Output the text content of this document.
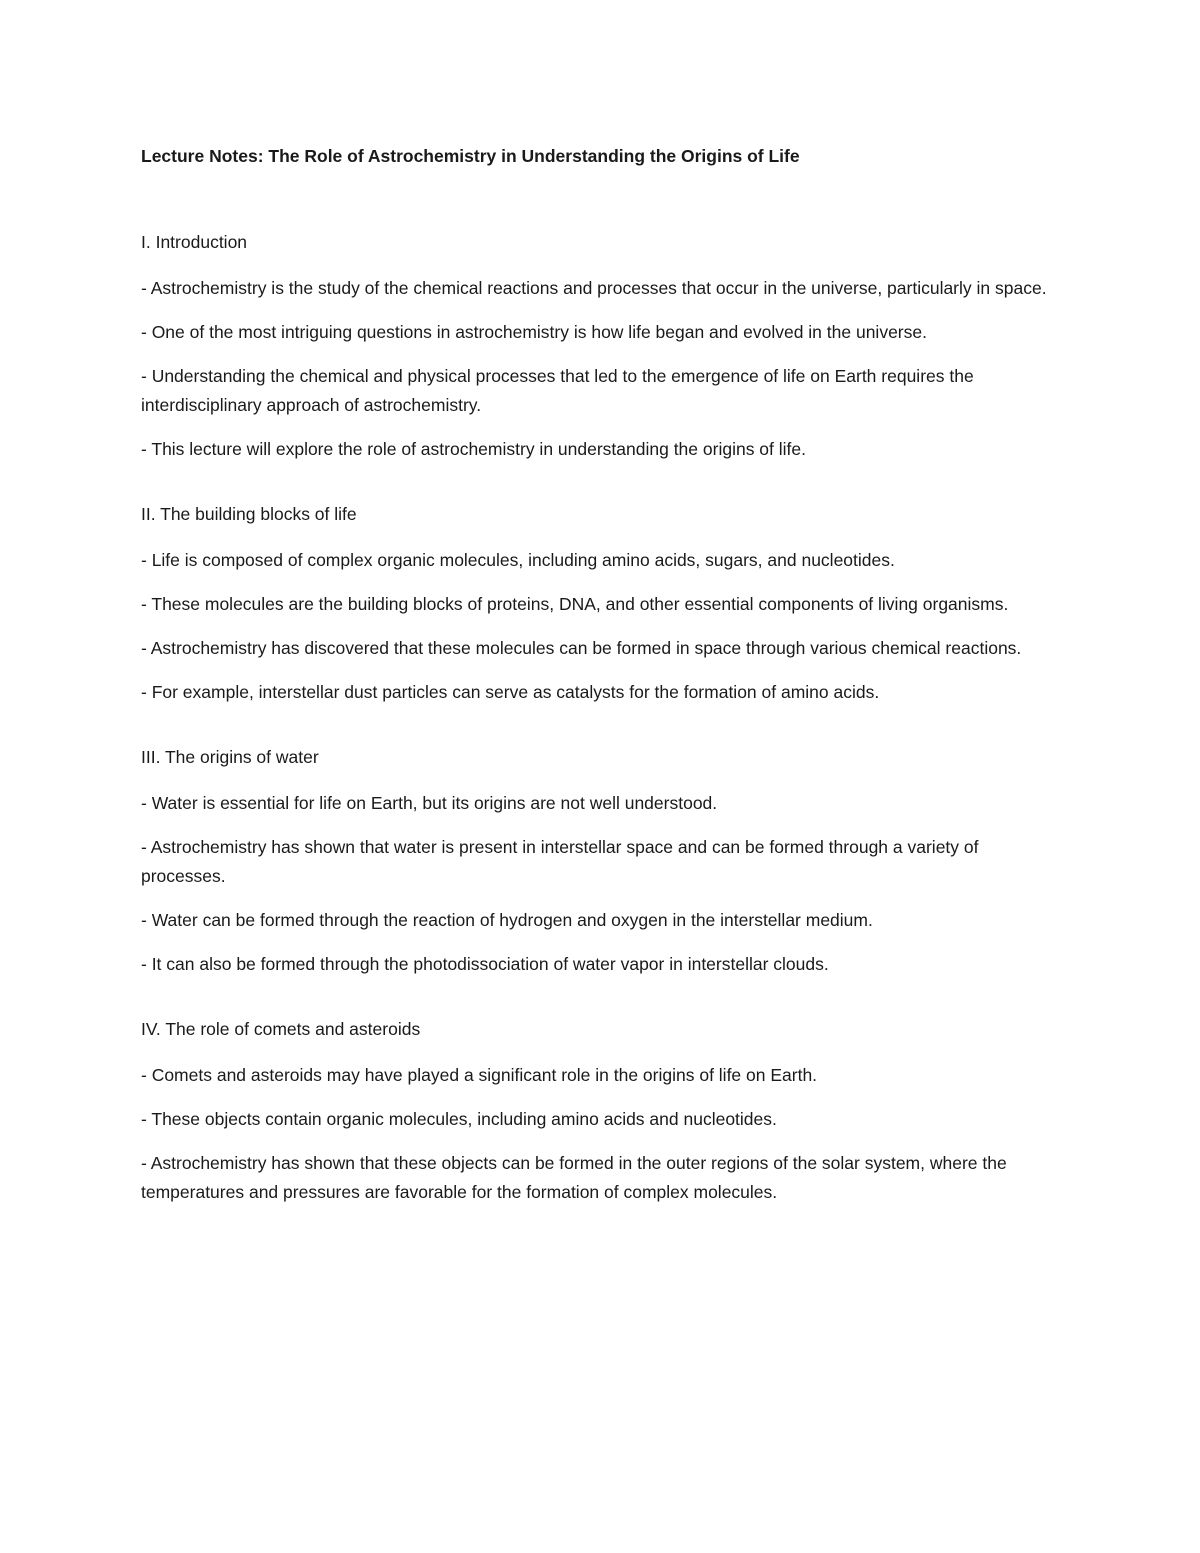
Lecture Notes: The Role of Astrochemistry in Understanding the Origins of Life
I. Introduction
- Astrochemistry is the study of the chemical reactions and processes that occur in the universe, particularly in space.
- One of the most intriguing questions in astrochemistry is how life began and evolved in the universe.
- Understanding the chemical and physical processes that led to the emergence of life on Earth requires the interdisciplinary approach of astrochemistry.
- This lecture will explore the role of astrochemistry in understanding the origins of life.
II. The building blocks of life
- Life is composed of complex organic molecules, including amino acids, sugars, and nucleotides.
- These molecules are the building blocks of proteins, DNA, and other essential components of living organisms.
- Astrochemistry has discovered that these molecules can be formed in space through various chemical reactions.
- For example, interstellar dust particles can serve as catalysts for the formation of amino acids.
III. The origins of water
- Water is essential for life on Earth, but its origins are not well understood.
- Astrochemistry has shown that water is present in interstellar space and can be formed through a variety of processes.
- Water can be formed through the reaction of hydrogen and oxygen in the interstellar medium.
- It can also be formed through the photodissociation of water vapor in interstellar clouds.
IV. The role of comets and asteroids
- Comets and asteroids may have played a significant role in the origins of life on Earth.
- These objects contain organic molecules, including amino acids and nucleotides.
- Astrochemistry has shown that these objects can be formed in the outer regions of the solar system, where the temperatures and pressures are favorable for the formation of complex molecules.
